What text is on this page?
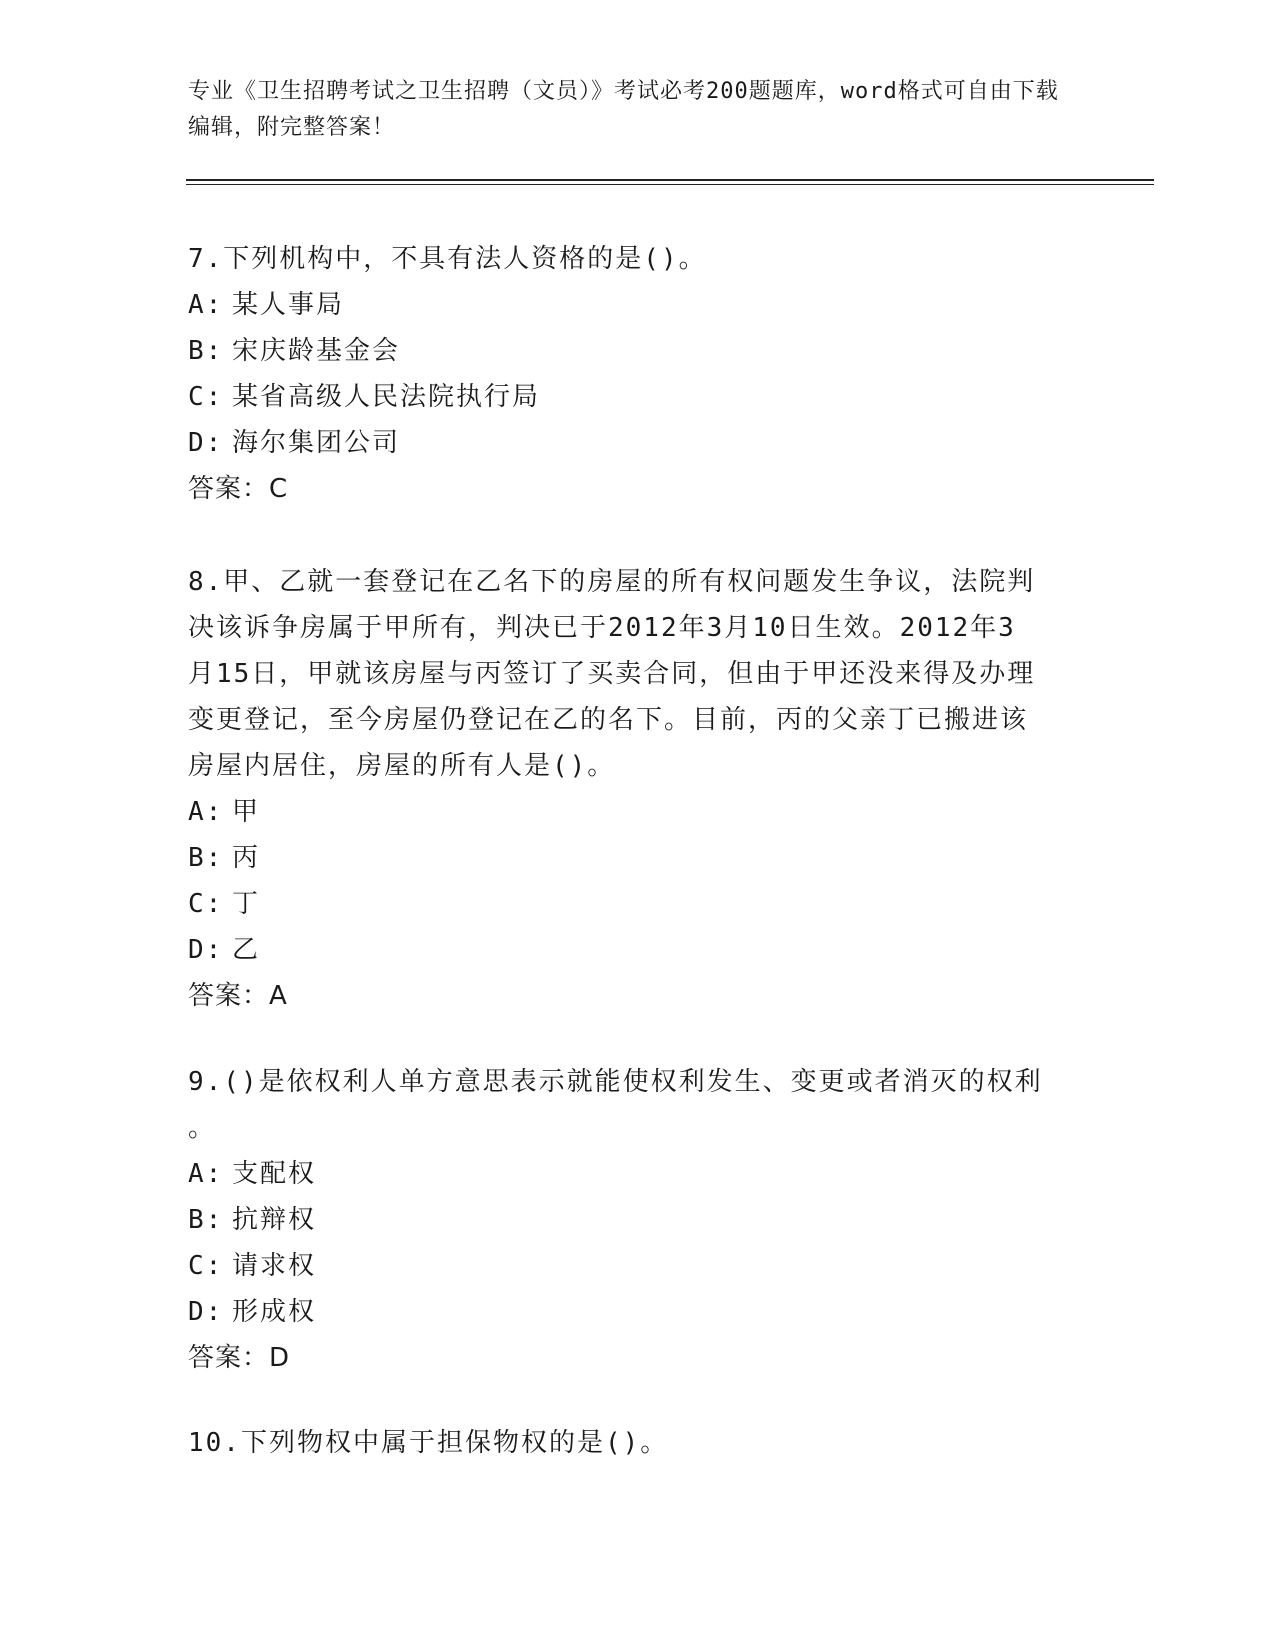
专业《卫生招聘考试之卫生招聘（文员）》考试必考200题题库，word格式可自由下载编辑，附完整答案！

7.下列机构中，不具有法人资格的是()。

A: 某人事局

B: 宋庆龄基金会

C: 某省高级人民法院执行局

D: 海尔集团公司

答案：C

8.甲、乙就一套登记在乙名下的房屋的所有权问题发生争议，法院判

决该诉争房属于甲所有，判决已于2012年3月10日生效。2012年3

月15日，甲就该房屋与丙签订了买卖合同，但由于甲还没来得及办理

变更登记，至今房屋仍登记在乙的名下。目前，丙的父亲丁已搬进该

房屋内居住，房屋的所有人是()。

A: 甲

B: 丙

C: 丁

D: 乙

答案：A

9.()是依权利人单方意思表示就能使权利发生、变更或者消灭的权利

。

A: 支配权

B: 抗辩权

C: 请求权

D: 形成权

答案：D

10.下列物权中属于担保物权的是()。
